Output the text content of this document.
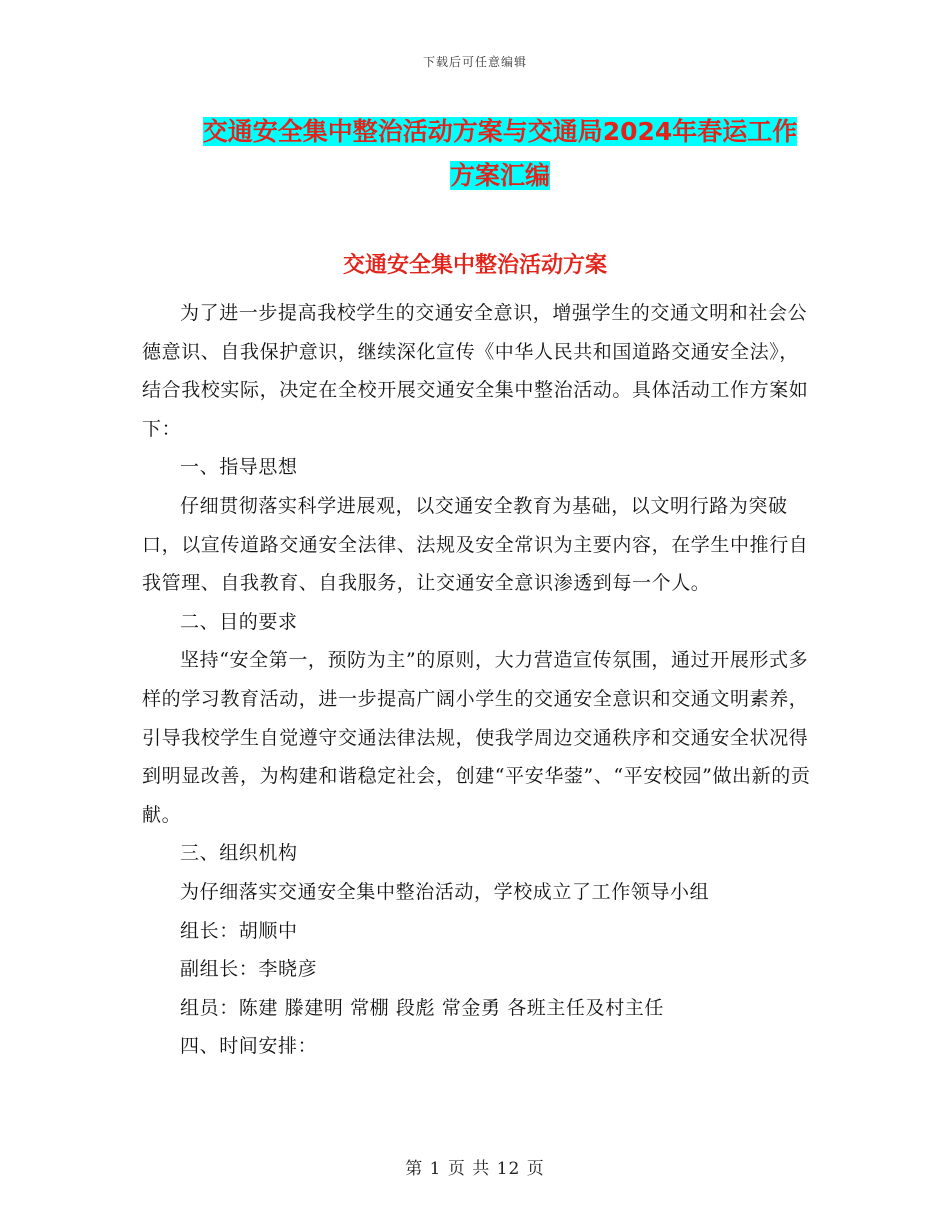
下载后可任意编辑
交通安全集中整治活动方案与交通局2024年春运工作
方案汇编
交通安全集中整治活动方案

为了进一步提高我校学生的交通安全意识，增强学生的交通文明和社会公德意识、自我保护意识，继续深化宣传《中华人民共和国道路交通安全法》，结合我校实际，决定在全校开展交通安全集中整治活动。具体活动工作方案如下：

一、指导思想

仔细贯彻落实科学进展观，以交通安全教育为基础，以文明行路为突破口，以宣传道路交通安全法律、法规及安全常识为主要内容，在学生中推行自我管理、自我教育、自我服务，让交通安全意识渗透到每一个人。

二、目的要求

坚持“安全第一，预防为主”的原则，大力营造宣传氛围，通过开展形式多样的学习教育活动，进一步提高广阔小学生的交通安全意识和交通文明素养，引导我校学生自觉遵守交通法律法规，使我学周边交通秩序和交通安全状况得到明显改善，为构建和谐稳定社会，创建“平安华蓥”、“平安校园”做出新的贡献。

三、组织机构

为仔细落实交通安全集中整治活动，学校成立了工作领导小组

组长：胡顺中

副组长：李晓彦

组员：陈建 滕建明 常棚 段彪 常金勇 各班主任及村主任

四、时间安排：

第 1 页 共 12 页
